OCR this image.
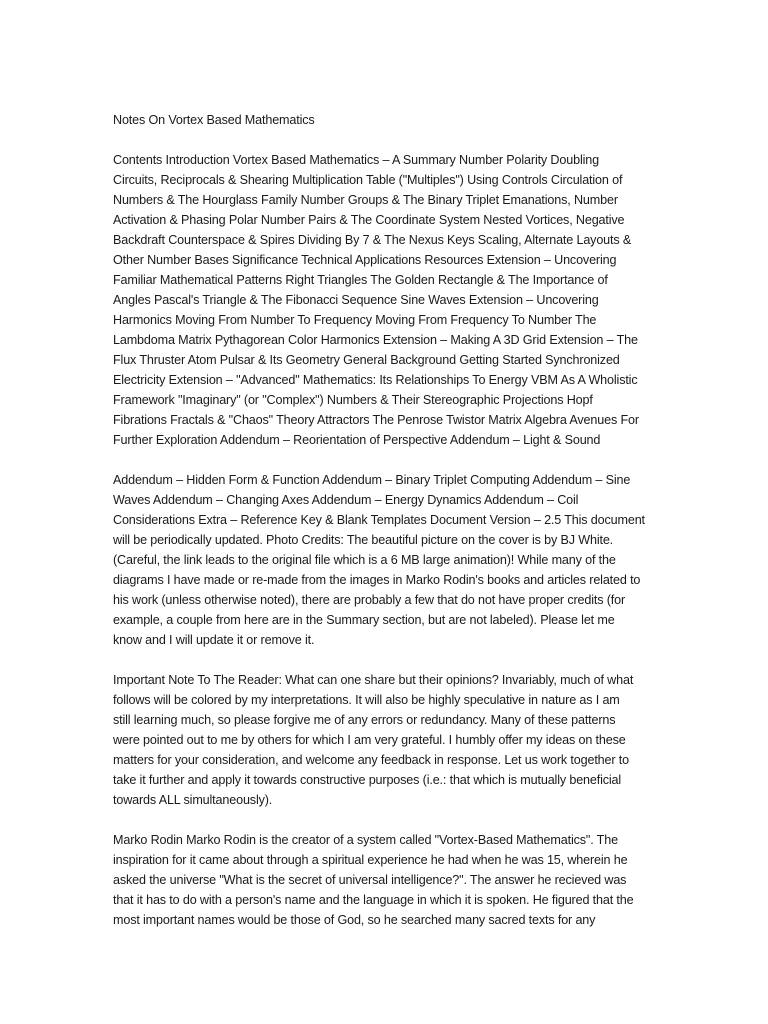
Notes On Vortex Based Mathematics
Contents Introduction Vortex Based Mathematics – A Summary Number Polarity Doubling
Circuits, Reciprocals & Shearing Multiplication Table ("Multiples") Using Controls Circulation of
Numbers & The Hourglass Family Number Groups & The Binary Triplet Emanations, Number
Activation & Phasing Polar Number Pairs & The Coordinate System Nested Vortices, Negative
Backdraft Counterspace & Spires Dividing By 7 & The Nexus Keys Scaling, Alternate Layouts &
Other Number Bases Significance Technical Applications Resources Extension – Uncovering
Familiar Mathematical Patterns Right Triangles The Golden Rectangle & The Importance of
Angles Pascal's Triangle & The Fibonacci Sequence Sine Waves Extension – Uncovering
Harmonics Moving From Number To Frequency Moving From Frequency To Number The
Lambdoma Matrix Pythagorean Color Harmonics Extension – Making A 3D Grid Extension – The
Flux Thruster Atom Pulsar & Its Geometry General Background Getting Started Synchronized
Electricity Extension – "Advanced" Mathematics: Its Relationships To Energy VBM As A Wholistic
Framework "Imaginary" (or "Complex") Numbers & Their Stereographic Projections Hopf
Fibrations Fractals & "Chaos" Theory Attractors The Penrose Twistor Matrix Algebra Avenues For
Further Exploration Addendum – Reorientation of Perspective Addendum – Light & Sound
Addendum – Hidden Form & Function Addendum – Binary Triplet Computing Addendum – Sine
Waves Addendum – Changing Axes Addendum – Energy Dynamics Addendum – Coil
Considerations Extra – Reference Key & Blank Templates Document Version – 2.5 This document
will be periodically updated. Photo Credits: The beautiful picture on the cover is by BJ White.
(Careful, the link leads to the original file which is a 6 MB large animation)! While many of the
diagrams I have made or re-made from the images in Marko Rodin's books and articles related to
his work (unless otherwise noted), there are probably a few that do not have proper credits (for
example, a couple from here are in the Summary section, but are not labeled). Please let me
know and I will update it or remove it.
Important Note To The Reader: What can one share but their opinions? Invariably, much of what
follows will be colored by my interpretations. It will also be highly speculative in nature as I am
still learning much, so please forgive me of any errors or redundancy. Many of these patterns
were pointed out to me by others for which I am very grateful. I humbly offer my ideas on these
matters for your consideration, and welcome any feedback in response. Let us work together to
take it further and apply it towards constructive purposes (i.e.: that which is mutually beneficial
towards ALL simultaneously).
Marko Rodin Marko Rodin is the creator of a system called "Vortex-Based Mathematics". The
inspiration for it came about through a spiritual experience he had when he was 15, wherein he
asked the universe "What is the secret of universal intelligence?". The answer he recieved was
that it has to do with a person's name and the language in which it is spoken. He figured that the
most important names would be those of God, so he searched many sacred texts for any
